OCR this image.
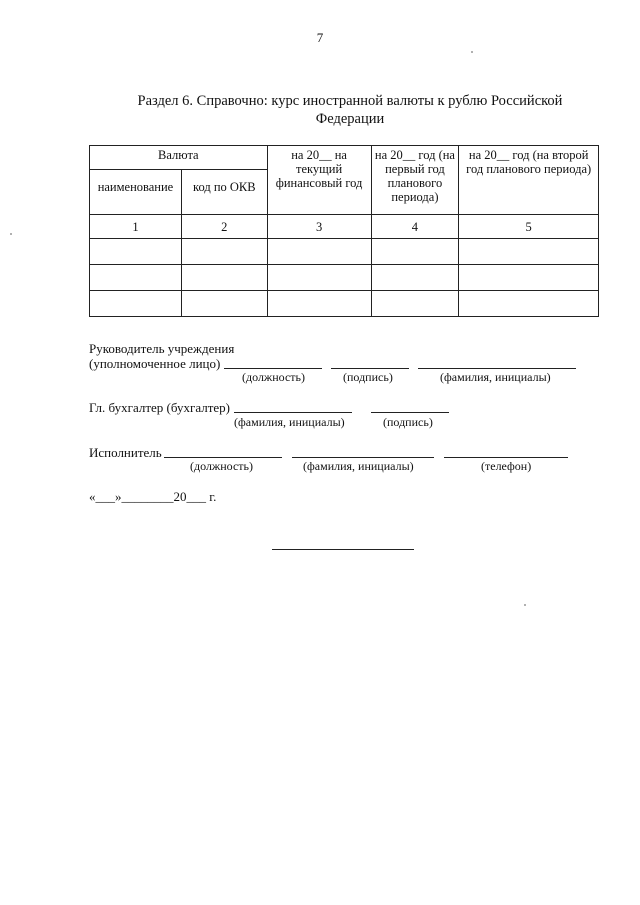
7
Раздел 6. Справочно: курс иностранной валюты к рублю Российской
Федерации
Валюта		на 20__ на текущий финансовый год	на 20__ год (на первый год планового периода)	на 20__ год (на второй год планового периода)
наименование	код по ОКВ			
1	2	3	4	5

Руководитель учреждения
(уполномоченное лицо)
(должность)	(подпись)	(фамилия, инициалы)
Гл. бухгалтер (бухгалтер)
(фамилия, инициалы)	(подпись)
Исполнитель
(должность)	(фамилия, инициалы)	(телефон)
«___»________20___ г.
